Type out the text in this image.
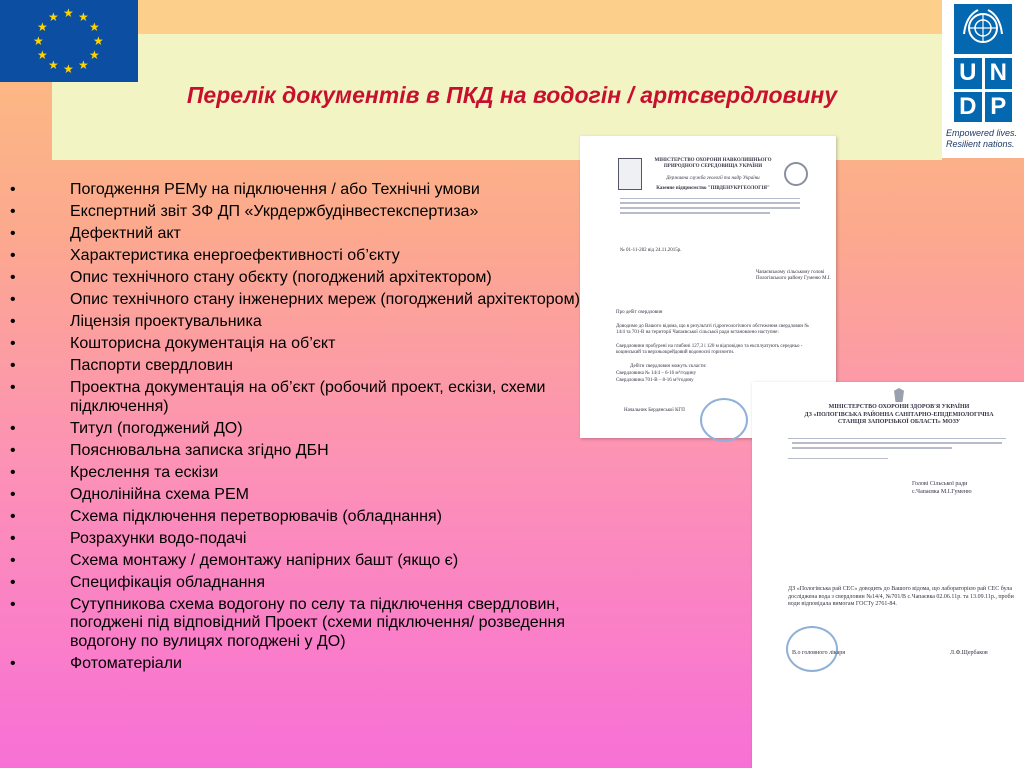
★ ★
★
★
★
★
★
★
★
★
★
★
U N
D P
Empowered lives.
Resilient nations.
Перелік документів в ПКД на водогін / артсвердловину
•	Погодження РЕМу на підключення / або Технічні умови
•	Експертний звіт ЗФ ДП «Укрдержбудінвестекспертиза»
•	Дефектний акт
•	Характеристика енергоефективності об’єкту
•	Опис технічного стану обєкту (погоджений архітектором)
•	Опис технічного стану інженерних мереж (погоджений архітектором)
•	Ліцензія проектувальника
•	Кошторисна документація на об’єкт
•	Паспорти свердловин
•	Проектна документація на об’єкт (робочий проект, ескізи, схеми підключення)
•	Титул (погоджений ДО)
•	Пояснювальна записка згідно ДБН
•	Креслення та ескізи
•	Однолінійна схема РЕМ
•	Схема підключення перетворювачів (обладнання)
•	Розрахунки водо-подачі
•	Схема монтажу / демонтажу напірних башт (якщо є)
•	Специфікація обладнання
•	Сутупникова схема водогону по селу та підключення свердловин, погоджені під відповідний Проект (схеми підключення/ розведення водогону по вулицях погоджені у ДО)
•	Фотоматеріали
МІНІСТЕРСТВО ОХОРОНИ НАВКОЛИШНЬОГО ПРИРОДНОГО СЕРЕДОВИЩА УКРАЇНИ
Державна служба геології та надр України
Казенне підприємство "ПІВДЕНУКРГЕОЛОГІЯ"
№ 01-11-282 від 24.11.2015р.
Чапаєвському сільському голові Пологівського району Гуменю М.І.
Про дебіт свердловин
Доводимо до Вашого відома, що в результаті гідрогеологічного обстеження свердловин № 14/4 та 701-В на території Чапаєвської сільської ради встановлено наступне:
Свердловини пробурені на глибині 127,3 і 120 м відповідно та експлуатують середньо - коцинський та верхньокрейдовий водоносні горизонти.
Дебіти свердловин можуть скласти:
Свердловина № 14/4 – 6-16 м³/годину
Свердловина 701-В – 8-16 м³/годину
Начальник Бердянської КГП
МІНІСТЕРСТВО ОХОРОНИ ЗДОРОВ'Я УКРАЇНИ
ДЗ «ПОЛОГІВСЬКА РАЙОННА САНІТАРНО-ЕПІДЕМІОЛОГІЧНА СТАНЦІЯ ЗАПОРІЗЬКОЇ ОБЛАСТІ» МОЗУ
Голові Сільської ради с.Чапаєвка М.І.Гуменю
ДЗ «Пологівська рай СЕС» доводить до Вашого відома, що лабораторією рай СЕС була досліджена вода з свердловин №14/4, №701/В с.Чапаєвка 02.06.11р. та 13.09.11р., проби води відповідала вимогам ГОСТу 2761-84.
В.о головного лікаря	Л.Ф.Щербаков
